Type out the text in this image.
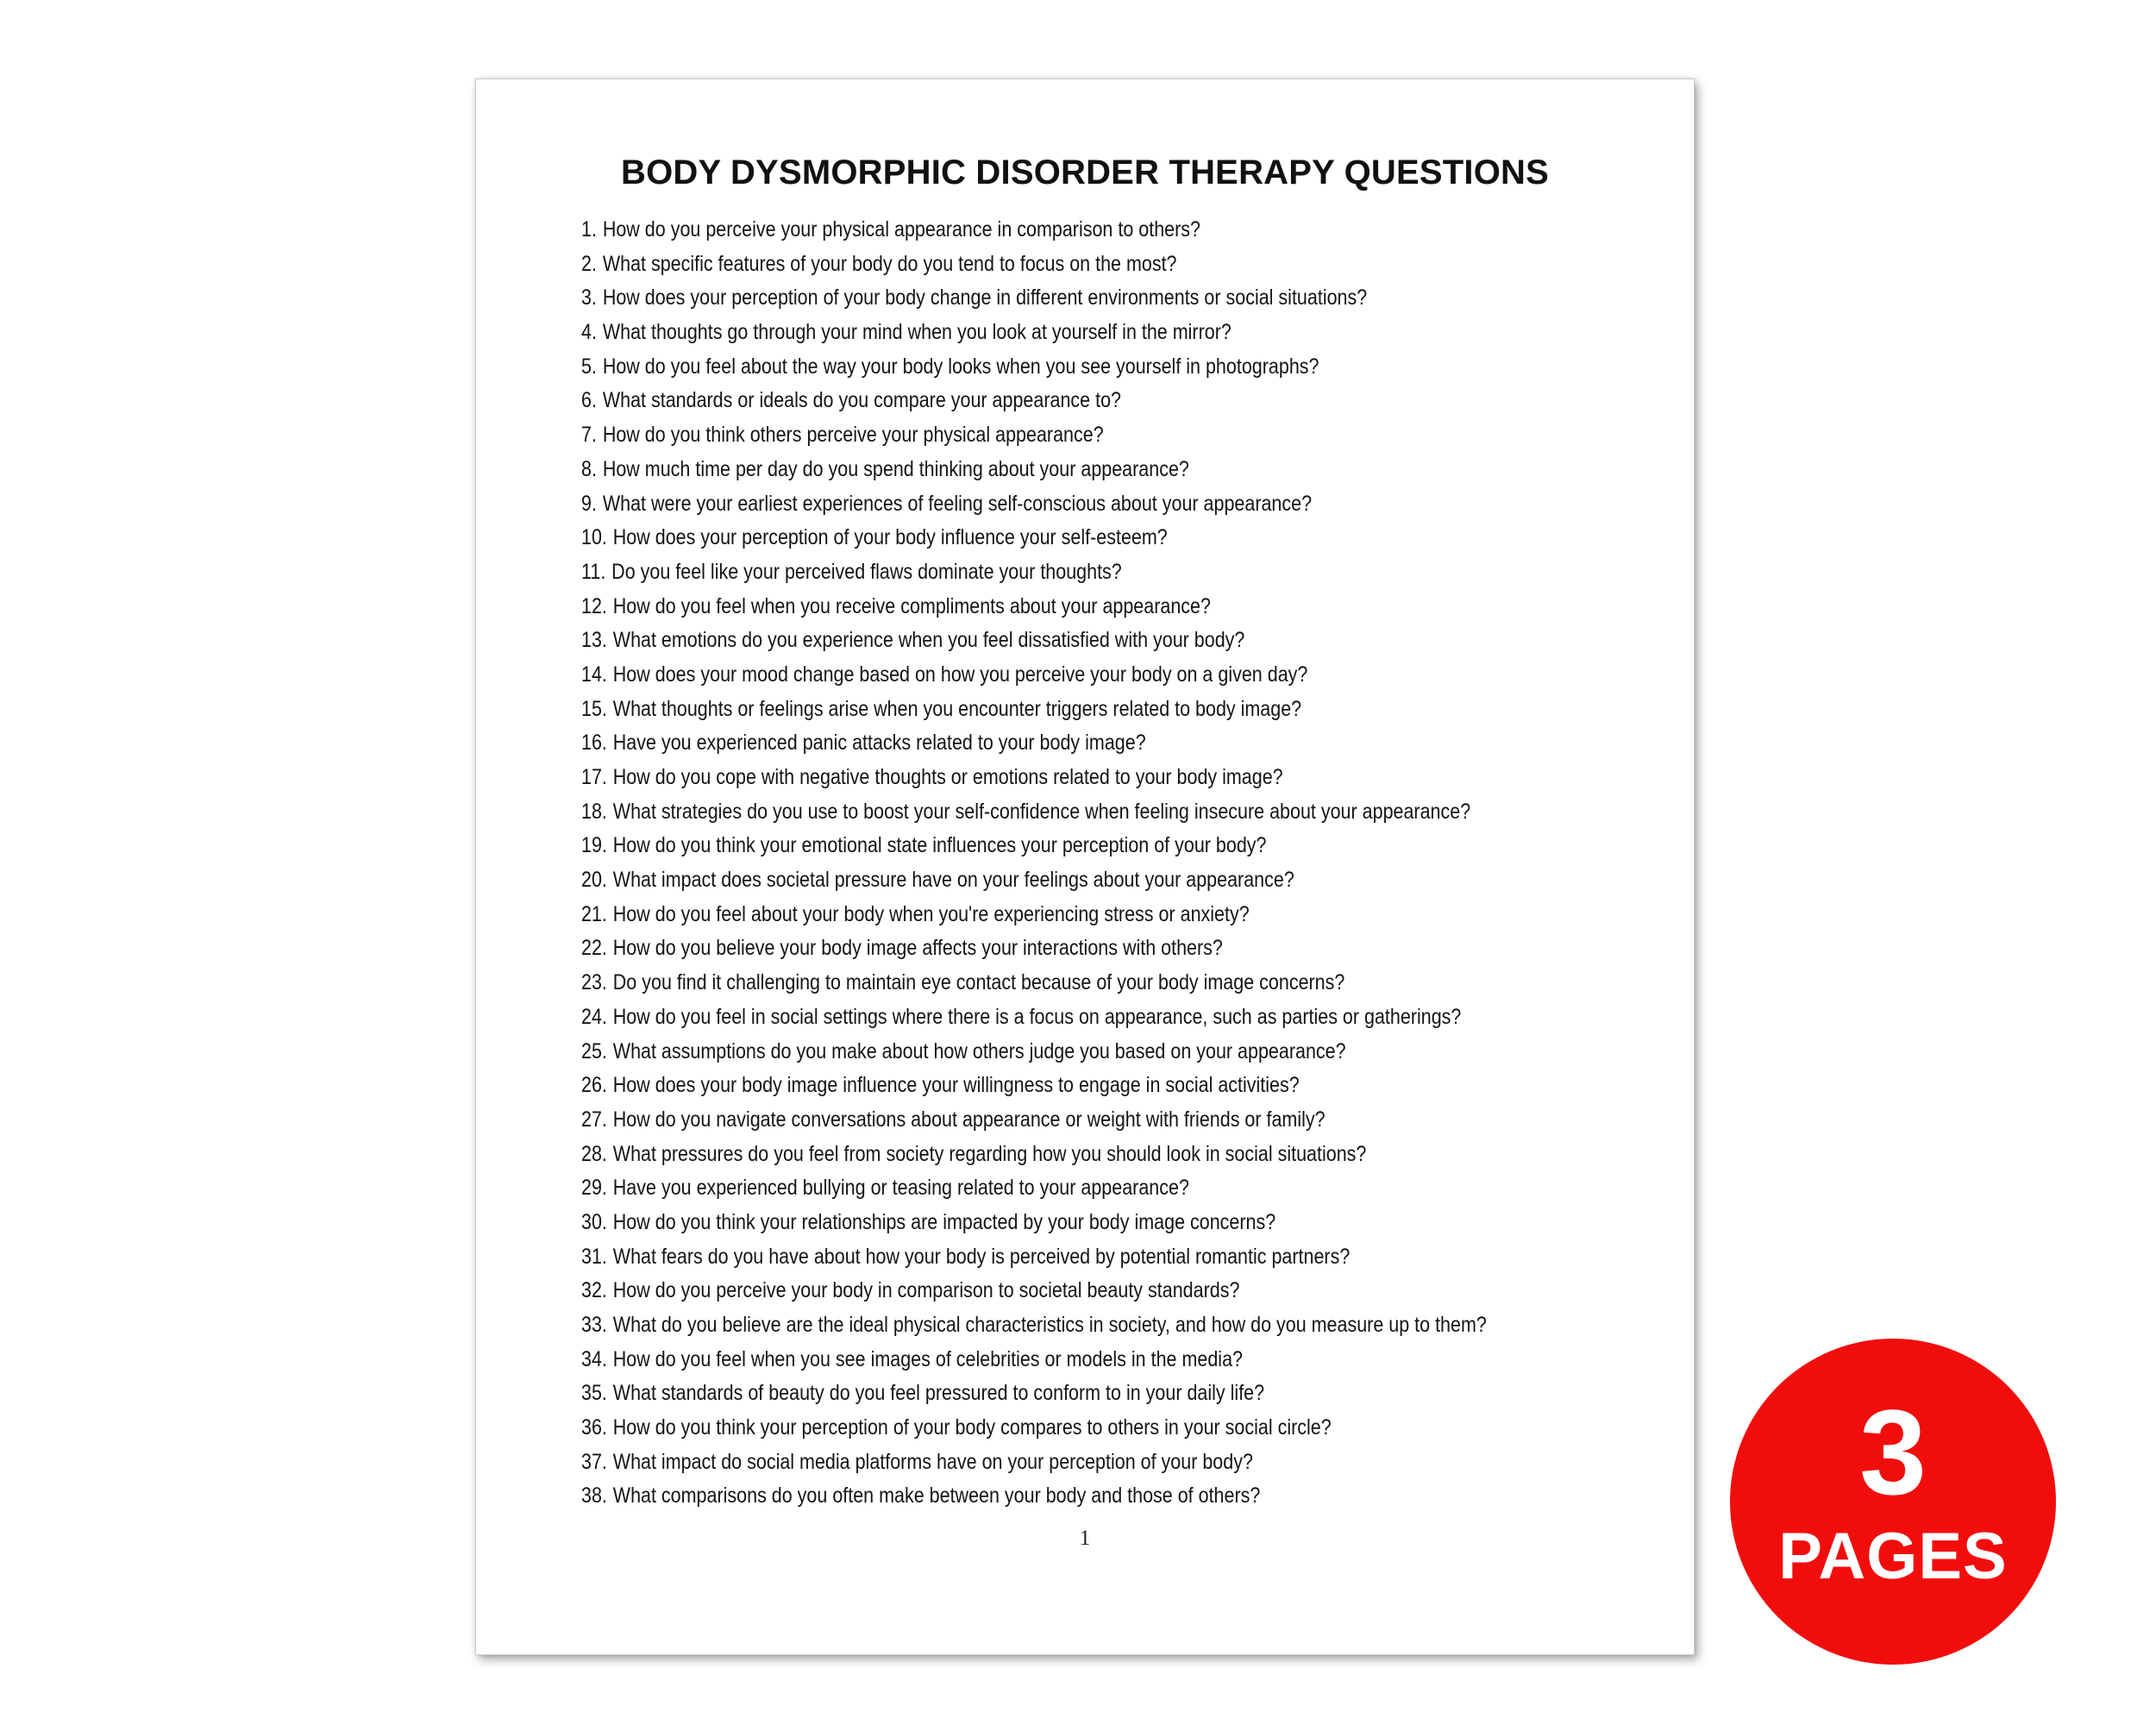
BODY DYSMORPHIC DISORDER THERAPY QUESTIONS
1. How do you perceive your physical appearance in comparison to others?
2. What specific features of your body do you tend to focus on the most?
3. How does your perception of your body change in different environments or social situations?
4. What thoughts go through your mind when you look at yourself in the mirror?
5. How do you feel about the way your body looks when you see yourself in photographs?
6. What standards or ideals do you compare your appearance to?
7. How do you think others perceive your physical appearance?
8. How much time per day do you spend thinking about your appearance?
9. What were your earliest experiences of feeling self-conscious about your appearance?
10. How does your perception of your body influence your self-esteem?
11. Do you feel like your perceived flaws dominate your thoughts?
12. How do you feel when you receive compliments about your appearance?
13. What emotions do you experience when you feel dissatisfied with your body?
14. How does your mood change based on how you perceive your body on a given day?
15. What thoughts or feelings arise when you encounter triggers related to body image?
16. Have you experienced panic attacks related to your body image?
17. How do you cope with negative thoughts or emotions related to your body image?
18. What strategies do you use to boost your self-confidence when feeling insecure about your appearance?
19. How do you think your emotional state influences your perception of your body?
20. What impact does societal pressure have on your feelings about your appearance?
21. How do you feel about your body when you're experiencing stress or anxiety?
22. How do you believe your body image affects your interactions with others?
23. Do you find it challenging to maintain eye contact because of your body image concerns?
24. How do you feel in social settings where there is a focus on appearance, such as parties or gatherings?
25. What assumptions do you make about how others judge you based on your appearance?
26. How does your body image influence your willingness to engage in social activities?
27. How do you navigate conversations about appearance or weight with friends or family?
28. What pressures do you feel from society regarding how you should look in social situations?
29. Have you experienced bullying or teasing related to your appearance?
30. How do you think your relationships are impacted by your body image concerns?
31. What fears do you have about how your body is perceived by potential romantic partners?
32. How do you perceive your body in comparison to societal beauty standards?
33. What do you believe are the ideal physical characteristics in society, and how do you measure up to them?
34. How do you feel when you see images of celebrities or models in the media?
35. What standards of beauty do you feel pressured to conform to in your daily life?
36. How do you think your perception of your body compares to others in your social circle?
37. What impact do social media platforms have on your perception of your body?
38. What comparisons do you often make between your body and those of others?
1
3
PAGES
